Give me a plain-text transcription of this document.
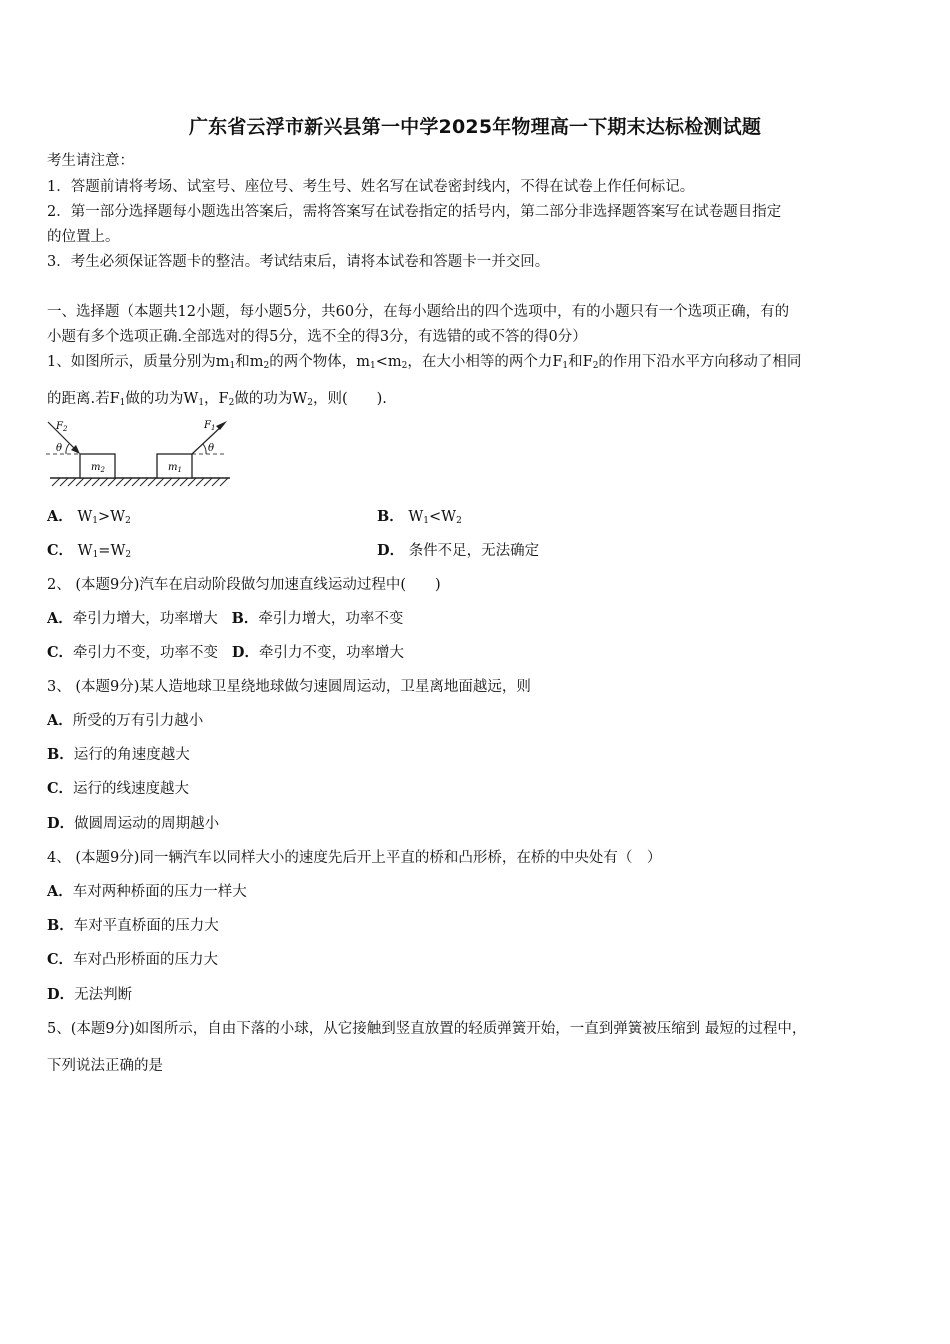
广东省云浮市新兴县第一中学2025年物理高一下期末达标检测试题
考生请注意：
1．答题前请将考场、试室号、座位号、考生号、姓名写在试卷密封线内，不得在试卷上作任何标记。
2．第一部分选择题每小题选出答案后，需将答案写在试卷指定的括号内，第二部分非选择题答案写在试卷题目指定
的位置上。
3．考生必须保证答题卡的整洁。考试结束后，请将本试卷和答题卡一并交回。
一、选择题（本题共12小题，每小题5分，共60分，在每小题给出的四个选项中，有的小题只有一个选项正确，有的
小题有多个选项正确.全部选对的得5分，选不全的得3分，有选错的或不答的得0分）
1、如图所示，质量分别为$m_1$和$m_2$的两个物体，$m_1<m_2$，在大小相等的两个力$F_1$和$F_2$的作用下沿水平方向移动了相同
的距离.若$F_1$做的功为$W_1$，$F_2$做的功为$W_2$，则(　　).
$m_2$	$m_1$
$F_2$
θ
$F_1$
θ
A． $W_1>W_2$	B． $W_1<W_2$
C． $W_1=W_2$	D． 条件不足，无法确定
2、 (本题9分)汽车在启动阶段做匀加速直线运动过程中(　　)
A．牵引力增大，功率增大 B．牵引力增大，功率不变
C．牵引力不变，功率不变 D．牵引力不变，功率增大
3、 (本题9分)某人造地球卫星绕地球做匀速圆周运动，卫星离地面越远，则
A．所受的万有引力越小
B．运行的角速度越大
C．运行的线速度越大
D．做圆周运动的周期越小
4、 (本题9分)同一辆汽车以同样大小的速度先后开上平直的桥和凸形桥，在桥的中央处有（　）
A．车对两种桥面的压力一样大
B．车对平直桥面的压力大
C．车对凸形桥面的压力大
D．无法判断
5、(本题9分)如图所示，自由下落的小球，从它接触到竖直放置的轻质弹簧开始，一直到弹簧被压缩到 最短的过程中，
下列说法正确的是
